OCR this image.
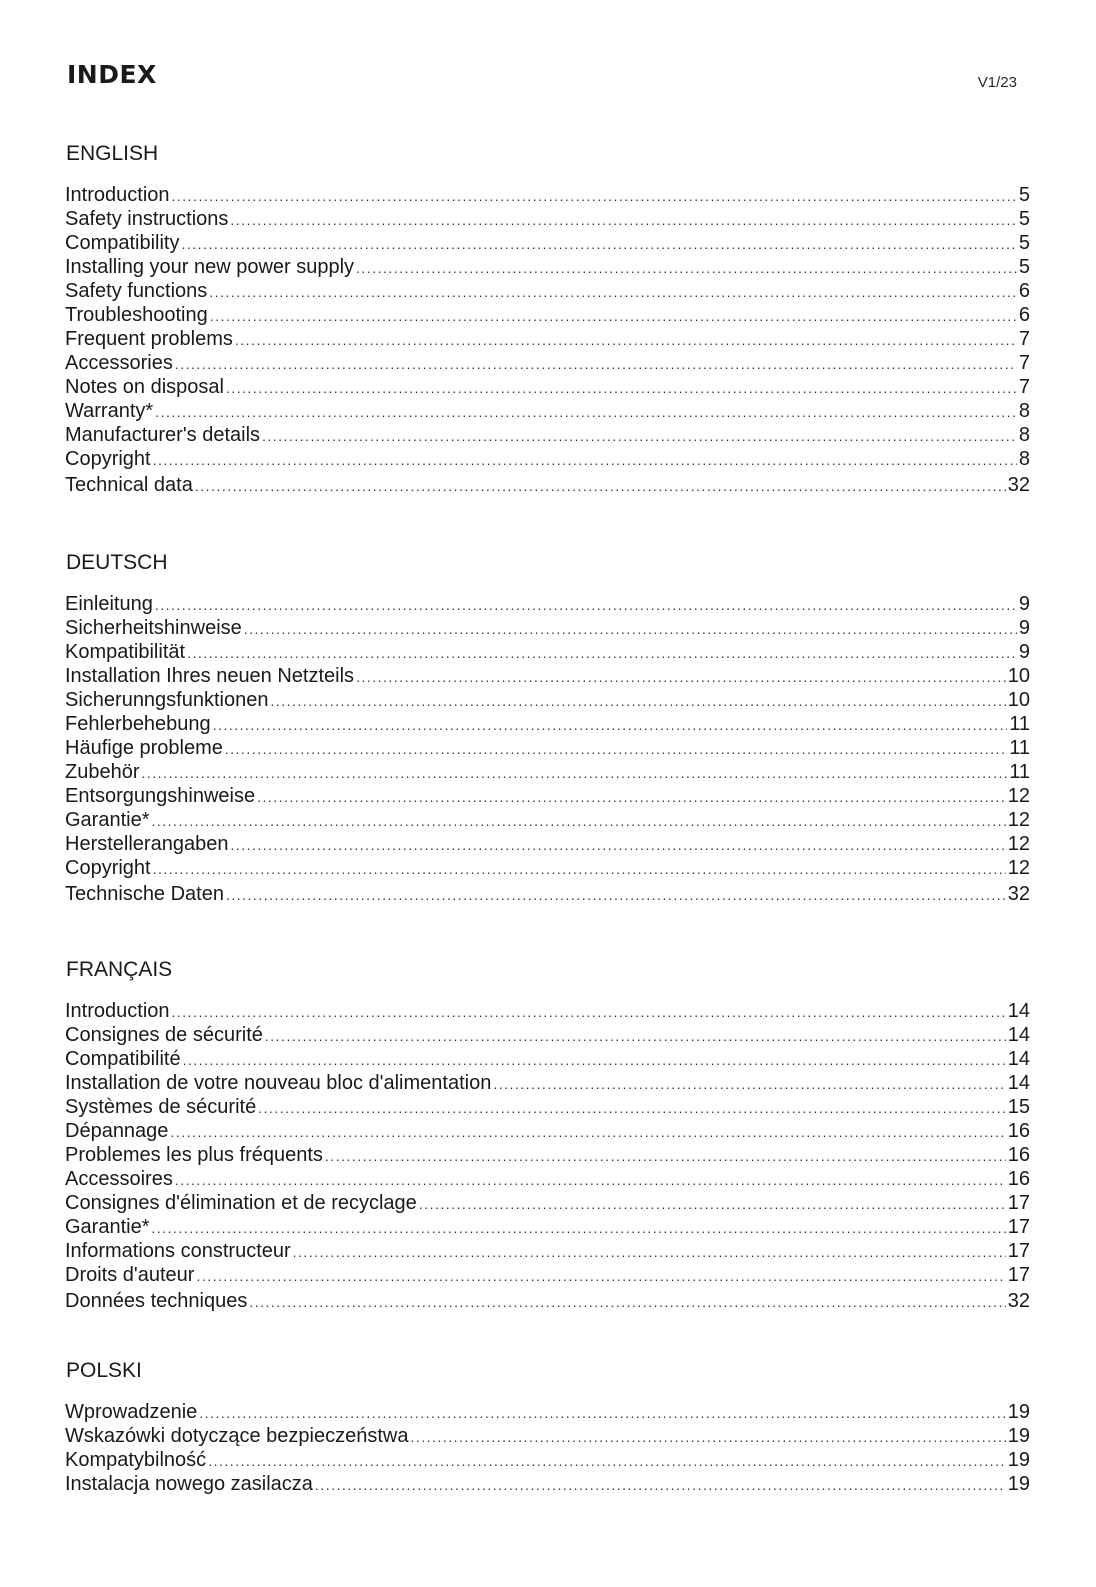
INDEX	V1/23
ENGLISH
Introduction .....	5
Safety instructions .....	5
Compatibility .....	5
Installing your new power supply .....	5
Safety functions .....	6
Troubleshooting .....	6
Frequent problems .....	7
Accessories .....	7
Notes on disposal .....	7
Warranty* .....	8
Manufacturer's details .....	8
Copyright .....	8
Technical data .....	32
DEUTSCH
Einleitung .....	9
Sicherheitshinweise .....	9
Kompatibilität .....	9
Installation Ihres neuen Netzteils .....	10
Sicherunngsfunktionen .....	10
Fehlerbehebung .....	11
Häufige probleme .....	11
Zubehör .....	11
Entsorgungshinweise .....	12
Garantie* .....	12
Herstellerangaben .....	12
Copyright .....	12
Technische Daten .....	32
FRANÇAIS
Introduction .....	14
Consignes de sécurité .....	14
Compatibilité .....	14
Installation de votre nouveau bloc d'alimentation .....	14
Systèmes de sécurité .....	15
Dépannage .....	16
Problemes les plus fréquents .....	16
Accessoires .....	16
Consignes d'élimination et de recyclage .....	17
Garantie* .....	17
Informations constructeur .....	17
Droits d'auteur .....	17
Données techniques .....	32
POLSKI
Wprowadzenie .....	19
Wskazówki dotyczące bezpieczeństwa .....	19
Kompatybilność .....	19
Instalacja nowego zasilacza .....	19
